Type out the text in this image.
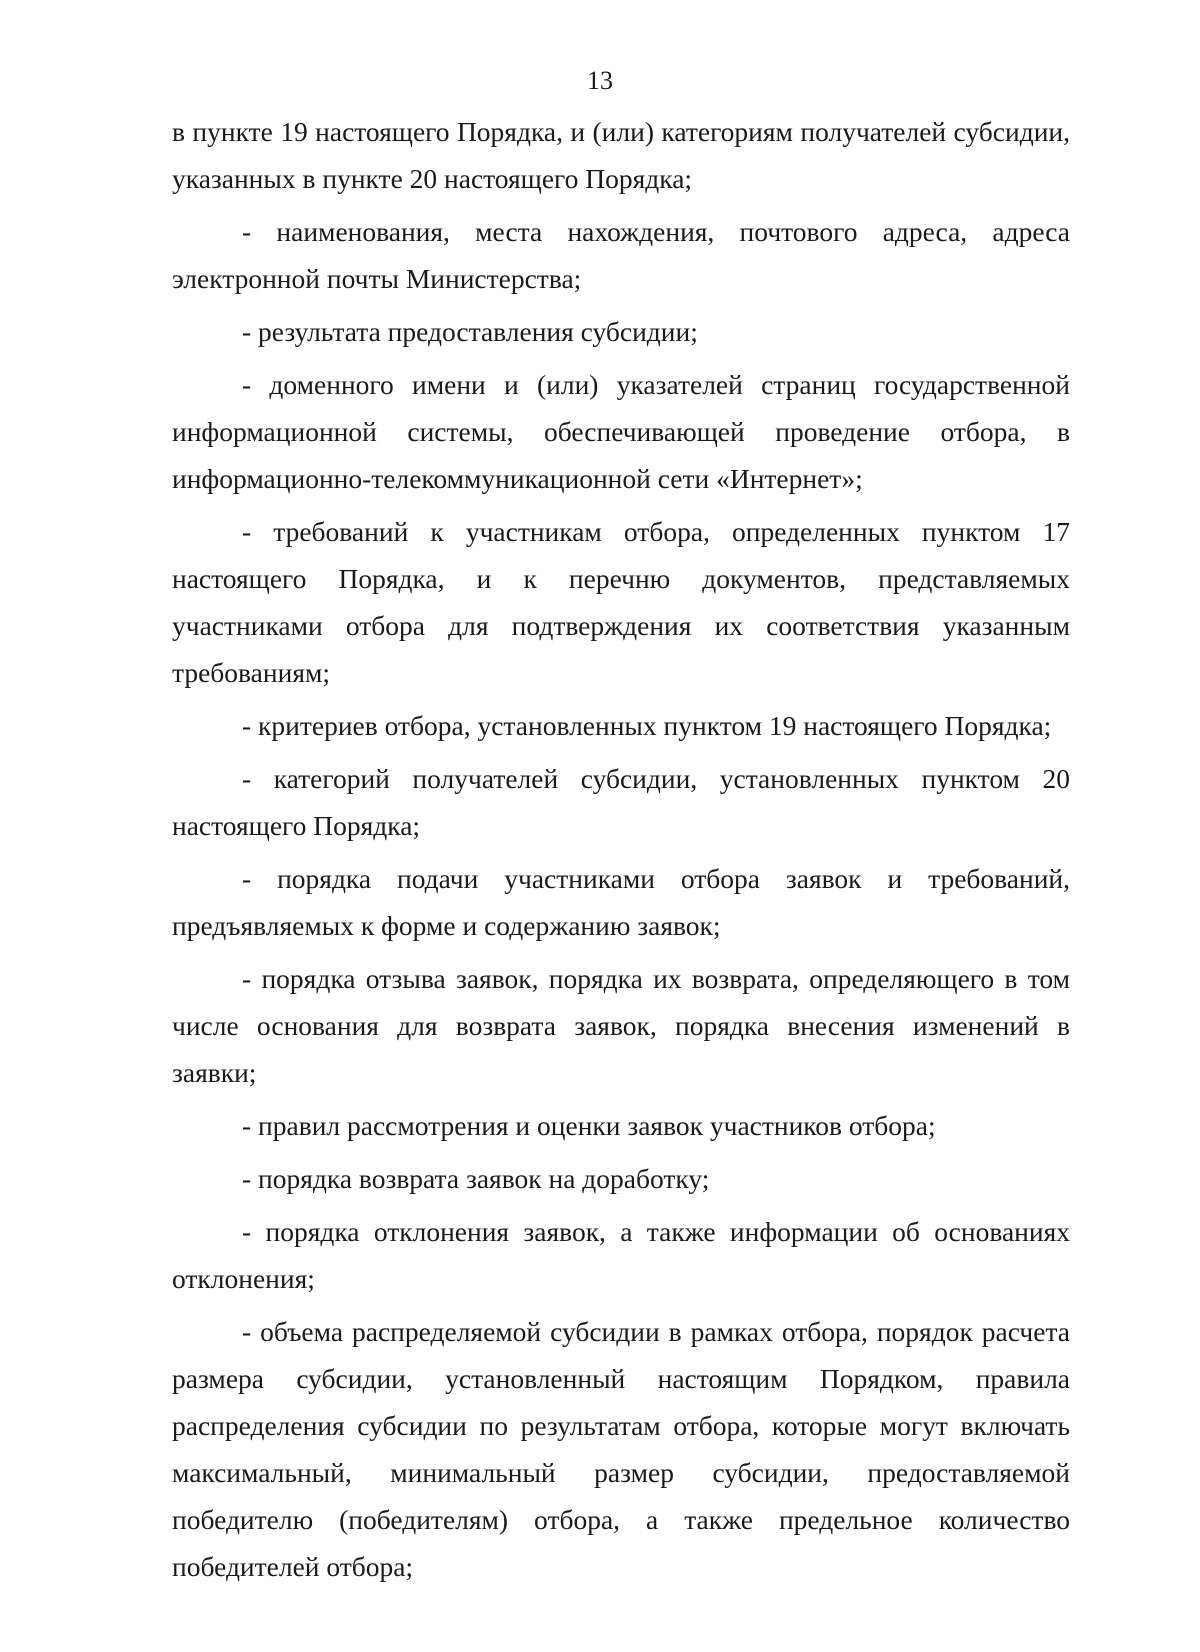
13

в пункте 19 настоящего Порядка, и (или) категориям получателей субсидии, указанных в пункте 20 настоящего Порядка;

- наименования, места нахождения, почтового адреса, адреса электронной почты Министерства;

- результата предоставления субсидии;

- доменного имени и (или) указателей страниц государственной информационной системы, обеспечивающей проведение отбора, в информационно-телекоммуникационной сети «Интернет»;

- требований к участникам отбора, определенных пунктом 17 настоящего Порядка, и к перечню документов, представляемых участниками отбора для подтверждения их соответствия указанным требованиям;

- критериев отбора, установленных пунктом 19 настоящего Порядка;

- категорий получателей субсидии, установленных пунктом 20 настоящего Порядка;

- порядка подачи участниками отбора заявок и требований, предъявляемых к форме и содержанию заявок;

- порядка отзыва заявок, порядка их возврата, определяющего в том числе основания для возврата заявок, порядка внесения изменений в заявки;

- правил рассмотрения и оценки заявок участников отбора;

- порядка возврата заявок на доработку;

- порядка отклонения заявок, а также информации об основаниях отклонения;

- объема распределяемой субсидии в рамках отбора, порядок расчета размера субсидии, установленный настоящим Порядком, правила распределения субсидии по результатам отбора, которые могут включать максимальный, минимальный размер субсидии, предоставляемой победителю (победителям) отбора, а также предельное количество победителей отбора;
